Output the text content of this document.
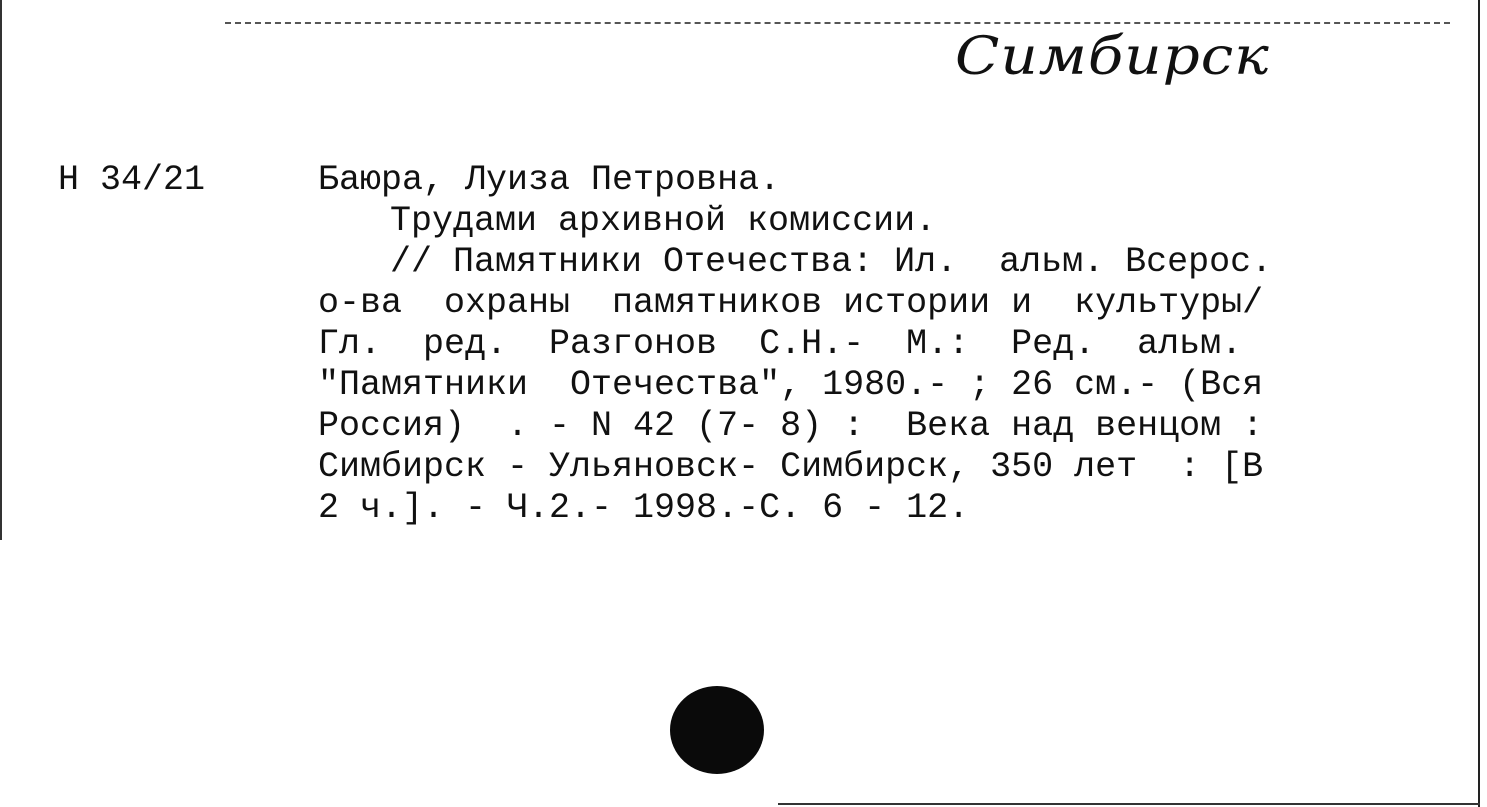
Симбирск
Н 34/21	Баюра, Луиза Петровна.
Трудами архивной комиссии.
// Памятники Отечества: Ил.  альм. Всерос.
о-ва  охраны  памятников истории и  культуры/
Гл.  ред.  Разгонов  С.Н.-  М.:  Ред.  альм.
"Памятники  Отечества", 1980.- ; 26 см.- (Вся
Россия)  . - N 42 (7- 8) :  Века над венцом :
Симбирск - Ульяновск- Симбирск, 350 лет  : [В
2 ч.]. - Ч.2.- 1998.-С. 6 - 12.
